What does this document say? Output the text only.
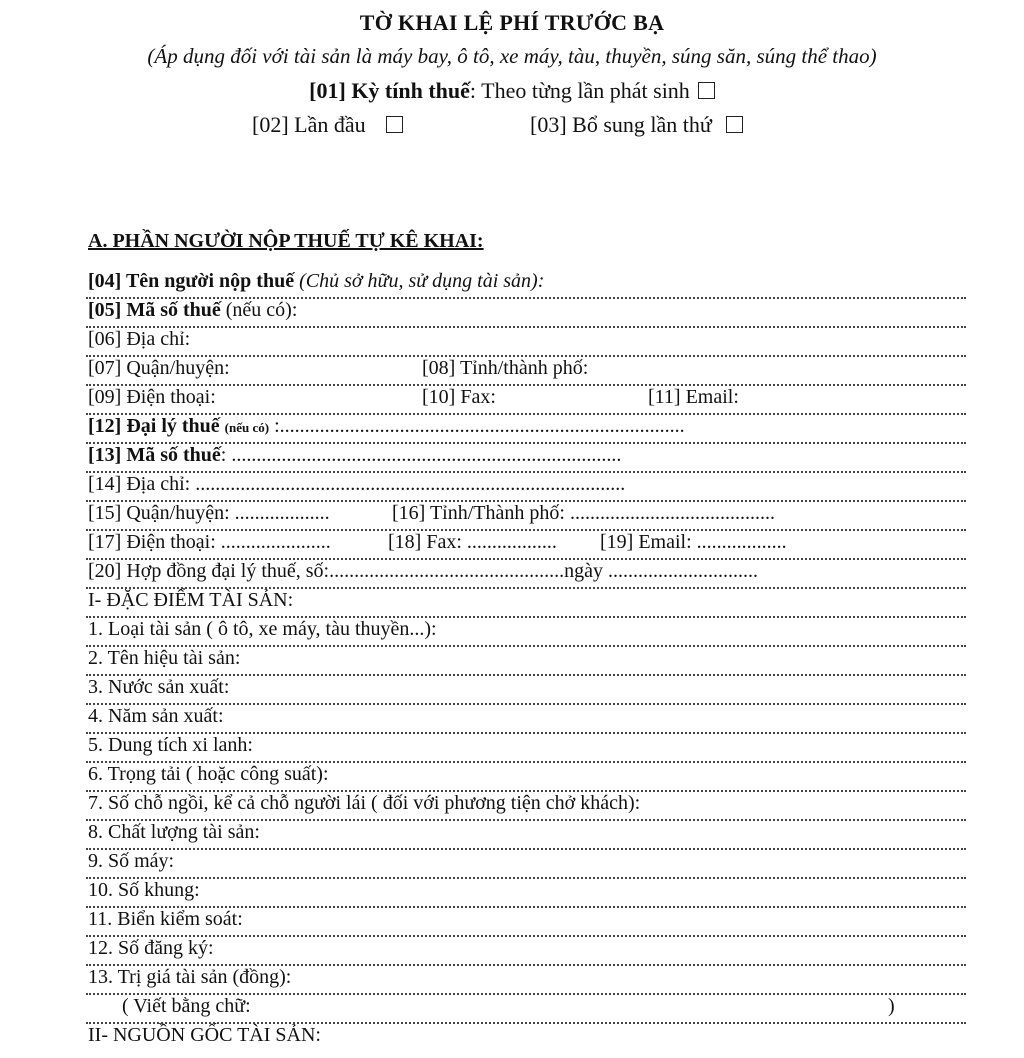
TỜ KHAI LỆ PHÍ TRƯỚC BẠ
(Áp dụng đối với tài sản là máy bay, ô tô, xe máy, tàu, thuyền, súng săn, súng thể thao)
[01] Kỳ tính thuế: Theo từng lần phát sinh
[02] Lần đầu	[03] Bổ sung lần thứ
A. PHẦN NGƯỜI NỘP THUẾ TỰ KÊ KHAI:
[04] Tên người nộp thuế (Chủ sở hữu, sử dụng tài sản):
[05] Mã số thuế (nếu có):
[06] Địa chỉ:
[07] Quận/huyện:	[08] Tỉnh/thành phố:
[09] Điện thoại:	[10] Fax:	[11] Email:
[12] Đại lý thuế (nếu có) :.................................................................................
[13] Mã số thuế: ..............................................................................
[14] Địa chỉ: ......................................................................................
[15] Quận/huyện: ...................	[16] Tỉnh/Thành phố: .........................................
[17] Điện thoại: ......................	[18] Fax: .................. [19] Email: ..................
[20] Hợp đồng đại lý thuế, số:...............................................ngày ..............................
I- ĐẶC ĐIỂM TÀI SẢN:
1. Loại tài sản ( ô tô, xe máy, tàu thuyền...):
2. Tên hiệu tài sản:
3. Nước sản xuất:
4. Năm sản xuất:
5. Dung tích xi lanh:
6. Trọng tải ( hoặc công suất):
7. Số chỗ ngồi, kể cả chỗ người lái ( đối với phương tiện chở khách):
8. Chất lượng tài sản:
9. Số máy:
10. Số khung:
11. Biển kiểm soát:
12. Số đăng ký:
13. Trị giá tài sản (đồng):
( Viết bằng chữ:	)
II- NGUỒN GỐC TÀI SẢN:
